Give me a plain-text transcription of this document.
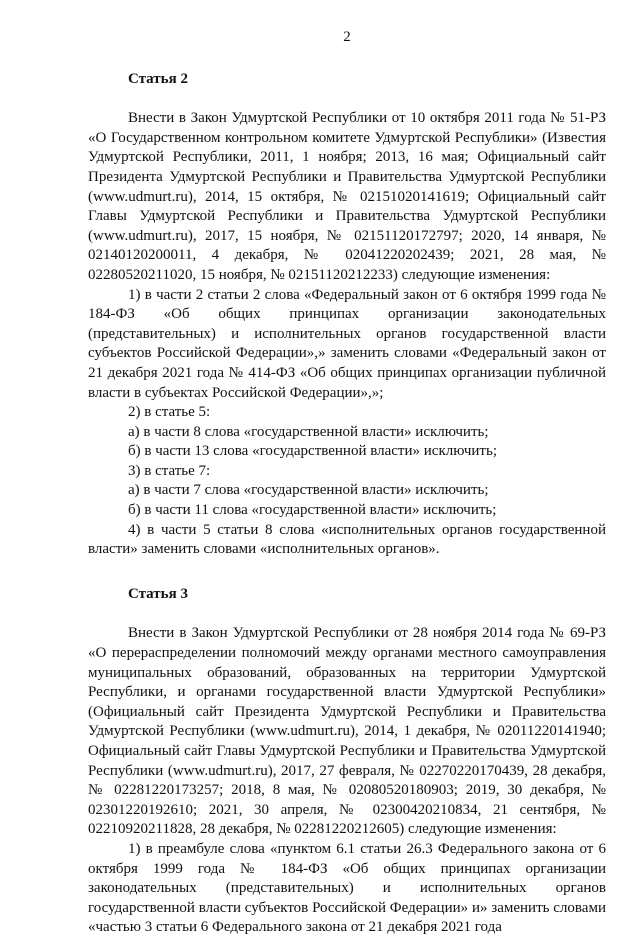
2

Статья 2

Внести в Закон Удмуртской Республики от 10 октября 2011 года № 51-РЗ «О Государственном контрольном комитете Удмуртской Республики» (Известия Удмуртской Республики, 2011, 1 ноября; 2013, 16 мая; Официальный сайт Президента Удмуртской Республики и Правительства Удмуртской Республики (www.udmurt.ru), 2014, 15 октября, № 02151020141619; Официальный сайт Главы Удмуртской Республики и Правительства Удмуртской Республики (www.udmurt.ru), 2017, 15 ноября, № 02151120172797; 2020, 14 января, № 02140120200011, 4 декабря, № 02041220202439; 2021, 28 мая, № 02280520211020, 15 ноября, № 02151120212233) следующие изменения:

1) в части 2 статьи 2 слова «Федеральный закон от 6 октября 1999 года № 184-ФЗ «Об общих принципах организации законодательных (представительных) и исполнительных органов государственной власти субъектов Российской Федерации»,» заменить словами «Федеральный закон от 21 декабря 2021 года № 414-ФЗ «Об общих принципах организации публичной власти в субъектах Российской Федерации»,»;

2) в статье 5:

а) в части 8 слова «государственной власти» исключить;

б) в части 13 слова «государственной власти» исключить;

3) в статье 7:

а) в части 7 слова «государственной власти» исключить;

б) в части 11 слова «государственной власти» исключить;

4) в части 5 статьи 8 слова «исполнительных органов государственной власти» заменить словами «исполнительных органов».

Статья 3

Внести в Закон Удмуртской Республики от 28 ноября 2014 года № 69-РЗ «О перераспределении полномочий между органами местного самоуправления муниципальных образований, образованных на территории Удмуртской Республики, и органами государственной власти Удмуртской Республики» (Официальный сайт Президента Удмуртской Республики и Правительства Удмуртской Республики (www.udmurt.ru), 2014, 1 декабря, № 02011220141940; Официальный сайт Главы Удмуртской Республики и Правительства Удмуртской Республики (www.udmurt.ru), 2017, 27 февраля, № 02270220170439, 28 декабря, № 02281220173257; 2018, 8 мая, № 02080520180903; 2019, 30 декабря, № 02301220192610; 2021, 30 апреля, № 02300420210834, 21 сентября, № 02210920211828, 28 декабря, № 02281220212605) следующие изменения:

1) в преамбуле слова «пунктом 6.1 статьи 26.3 Федерального закона от 6 октября 1999 года № 184-ФЗ «Об общих принципах организации законодательных (представительных) и исполнительных органов государственной власти субъектов Российской Федерации» и» заменить словами «частью 3 статьи 6 Федерального закона от 21 декабря 2021 года
